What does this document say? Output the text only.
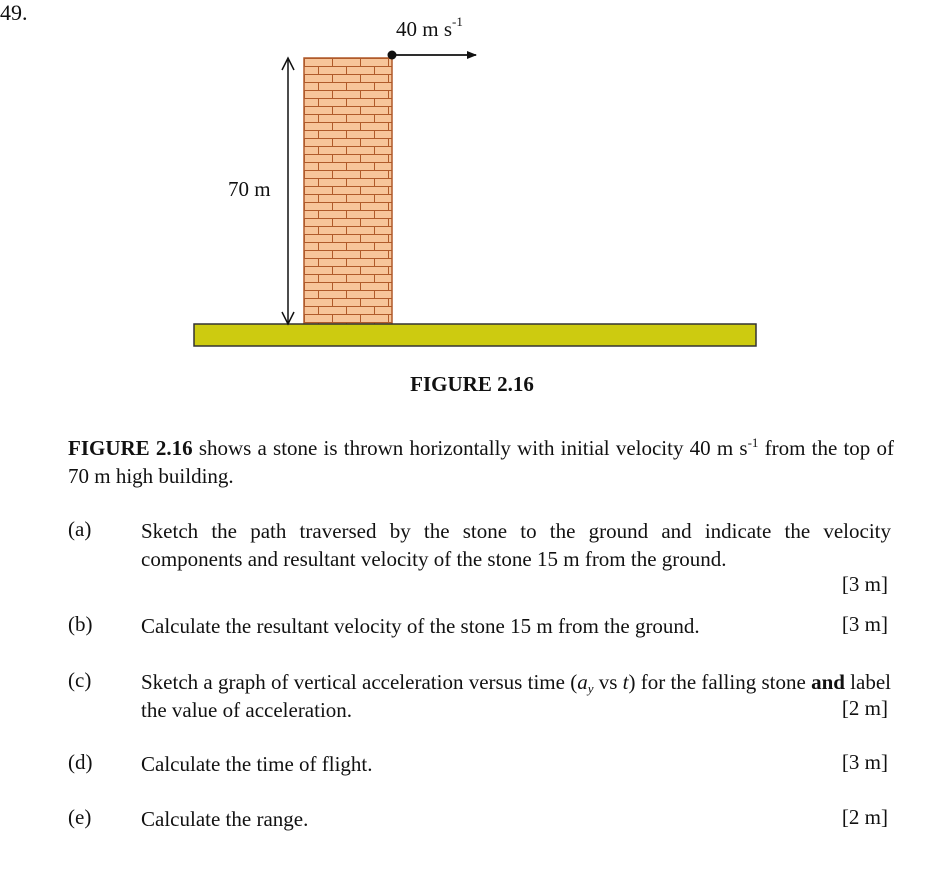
49.
70 m
40 m $s^{-1}$
FIGURE 2.16
FIGURE 2.16 shows a stone is thrown horizontally with initial velocity 40 m $s^{-1}$ from the top of 70 m high building.
(a) Sketch the path traversed by the stone to the ground and indicate the velocity components and resultant velocity of the stone 15 m from the ground.
[3 m]
(b) Calculate the resultant velocity of the stone 15 m from the ground.	[3 m]
(c) Sketch a graph of vertical acceleration versus time ($a_y$ vs t) for the falling stone and label the value of acceleration.	[2 m]
(d) Calculate the time of flight.	[3 m]
(e) Calculate the range.	[2 m]
